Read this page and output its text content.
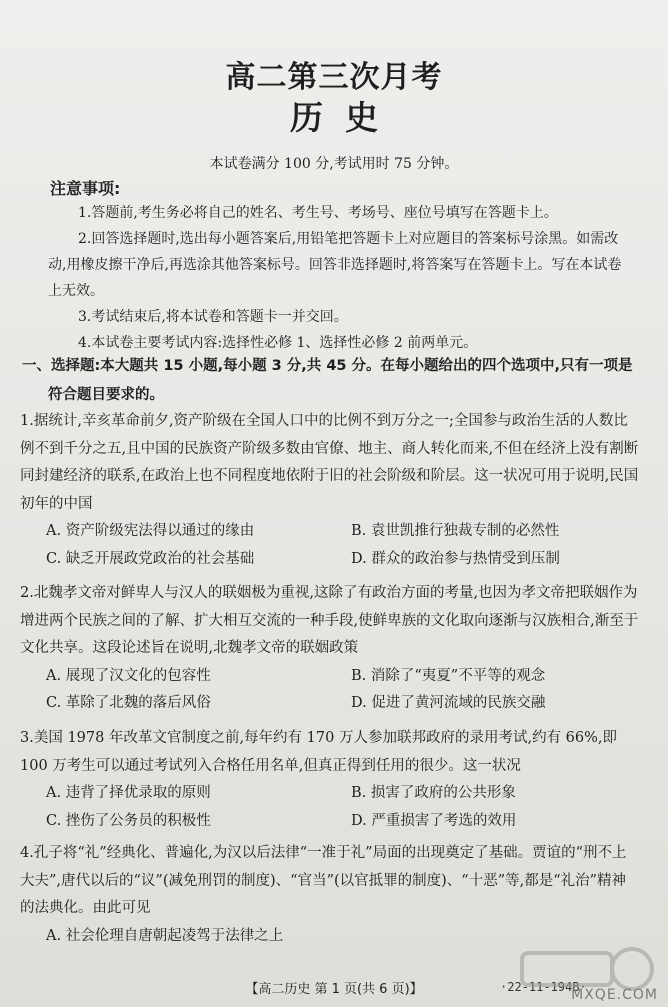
高二第三次月考
历史
本试卷满分 100 分,考试用时 75 分钟。
注意事项:

1.答题前,考生务必将自己的姓名、考生号、考场号、座位号填写在答题卡上。

2.回答选择题时,选出每小题答案后,用铅笔把答题卡上对应题目的答案标号涂黑。如需改动,用橡皮擦干净后,再选涂其他答案标号。回答非选择题时,将答案写在答题卡上。写在本试卷上无效。

3.考试结束后,将本试卷和答题卡一并交回。

4.本试卷主要考试内容:选择性必修 1、选择性必修 2 前两单元。

一、选择题:本大题共 15 小题,每小题 3 分,共 45 分。在每小题给出的四个选项中,只有一项是
符合题目要求的。

1.据统计,辛亥革命前夕,资产阶级在全国人口中的比例不到万分之一;全国参与政治生活的人数比例不到千分之五,且中国的民族资产阶级多数由官僚、地主、商人转化而来,不但在经济上没有割断同封建经济的联系,在政治上也不同程度地依附于旧的社会阶级和阶层。这一状况可用于说明,民国初年的中国

A. 资产阶级宪法得以通过的缘由	B. 袁世凯推行独裁专制的必然性
C. 缺乏开展政党政治的社会基础	D. 群众的政治参与热情受到压制

2.北魏孝文帝对鲜卑人与汉人的联姻极为重视,这除了有政治方面的考量,也因为孝文帝把联姻作为增进两个民族之间的了解、扩大相互交流的一种手段,使鲜卑族的文化取向逐渐与汉族相合,渐至于文化共享。这段论述旨在说明,北魏孝文帝的联姻政策

A. 展现了汉文化的包容性	B. 消除了“夷夏”不平等的观念
C. 革除了北魏的落后风俗	D. 促进了黄河流域的民族交融

3.美国 1978 年改革文官制度之前,每年约有 170 万人参加联邦政府的录用考试,约有 66%,即 100 万考生可以通过考试列入合格任用名单,但真正得到任用的很少。这一状况

A. 违背了择优录取的原则	B. 损害了政府的公共形象
C. 挫伤了公务员的积极性	D. 严重损害了考选的效用

4.孔子将“礼”经典化、普遍化,为汉以后法律“一准于礼”局面的出现奠定了基础。贾谊的“刑不上大夫”,唐代以后的“议”(减免刑罚的制度)、“官当”(以官抵罪的制度)、“十恶”等,都是“礼治”精神的法典化。由此可见

A. 社会伦理自唐朝起凌驾于法律之上
【高二历史 第 1 页(共 6 页)】	·22-11-194B·
MXQE.COM
